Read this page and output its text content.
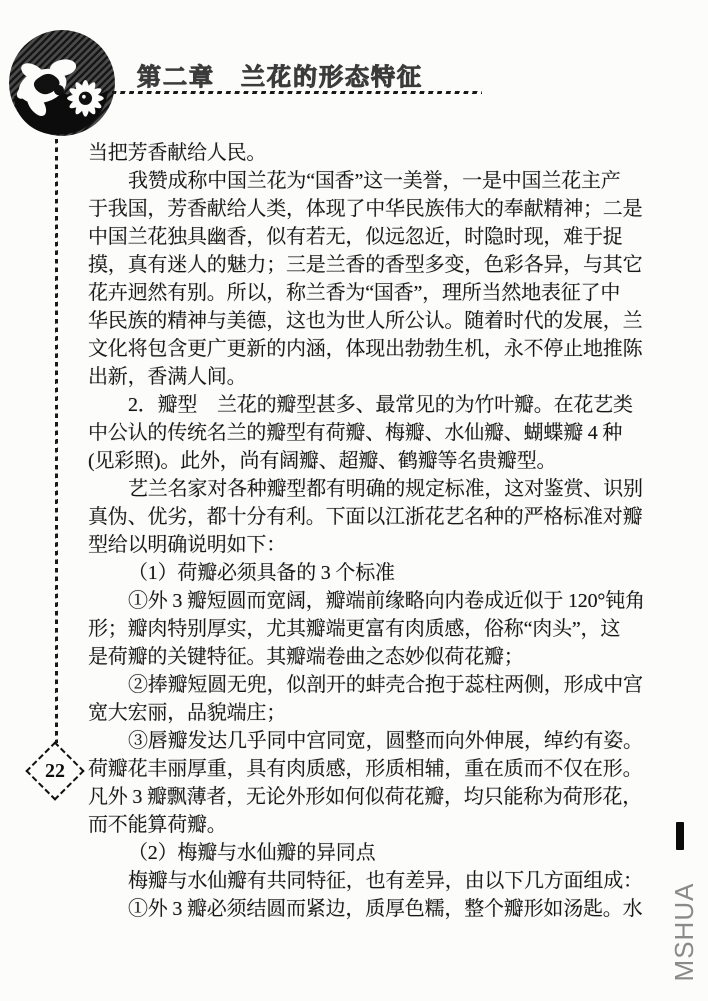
第二章　兰花的形态特征
22
当把芳香献给人民。
我赞成称中国兰花为“国香”这一美誉，一是中国兰花主产
于我国，芳香献给人类，体现了中华民族伟大的奉献精神；二是
中国兰花独具幽香，似有若无，似远忽近，时隐时现，难于捉
摸，真有迷人的魅力；三是兰香的香型多变，色彩各异，与其它
花卉迥然有别。所以，称兰香为“国香”，理所当然地表征了中
华民族的精神与美德，这也为世人所公认。随着时代的发展，兰
文化将包含更广更新的内涵，体现出勃勃生机，永不停止地推陈
出新，香满人间。
2．瓣型　兰花的瓣型甚多、最常见的为竹叶瓣。在花艺类
中公认的传统名兰的瓣型有荷瓣、梅瓣、水仙瓣、蝴蝶瓣 4 种
(见彩照)。此外，尚有阔瓣、超瓣、鹤瓣等名贵瓣型。
艺兰名家对各种瓣型都有明确的规定标准，这对鉴赏、识别
真伪、优劣，都十分有利。下面以江浙花艺名种的严格标准对瓣
型给以明确说明如下：
（1）荷瓣必须具备的 3 个标准
①外 3 瓣短圆而宽阔，瓣端前缘略向内卷成近似于 120°钝角
形；瓣肉特别厚实，尤其瓣端更富有肉质感，俗称“肉头”，这
是荷瓣的关键特征。其瓣端卷曲之态妙似荷花瓣；
②捧瓣短圆无兜，似剖开的蚌壳合抱于蕊柱两侧，形成中宫
宽大宏丽，品貌端庄；
③唇瓣发达几乎同中宫同宽，圆整而向外伸展，绰约有姿。
荷瓣花丰丽厚重，具有肉质感，形质相辅，重在质而不仅在形。
凡外 3 瓣飘薄者，无论外形如何似荷花瓣，均只能称为荷形花，
而不能算荷瓣。
（2）梅瓣与水仙瓣的异同点
梅瓣与水仙瓣有共同特征，也有差异，由以下几方面组成：
①外 3 瓣必须结圆而紧边，质厚色糯，整个瓣形如汤匙。水 MSHUA
